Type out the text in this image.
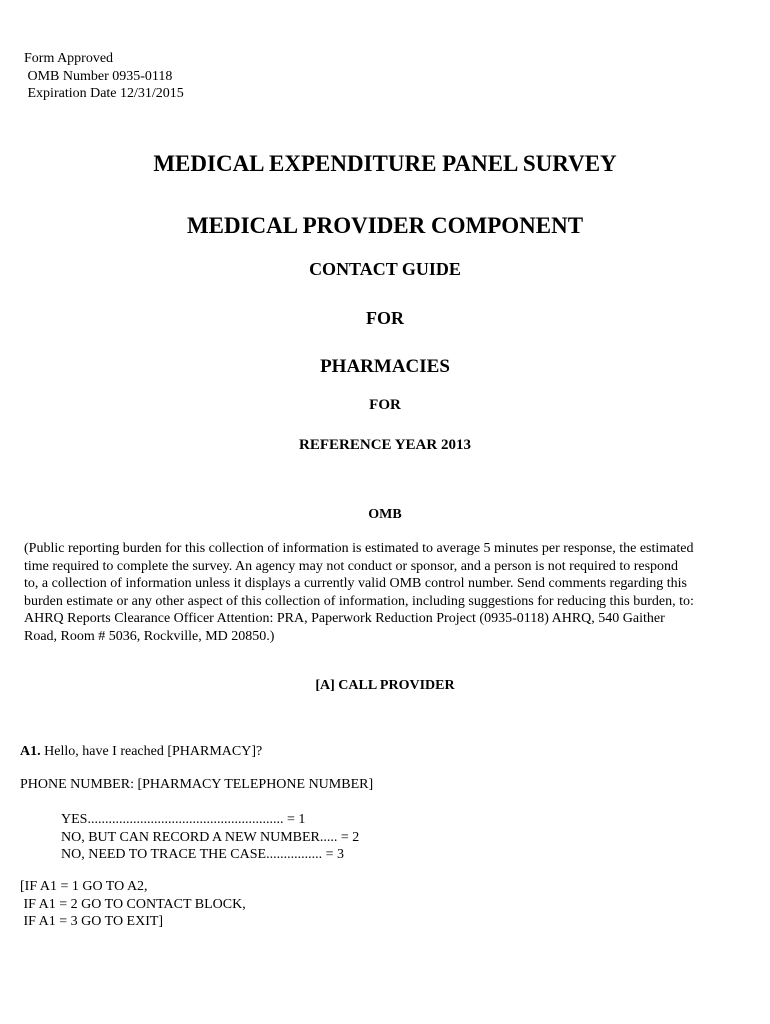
Form Approved
OMB Number 0935-0118
Expiration Date 12/31/2015
MEDICAL EXPENDITURE PANEL SURVEY
MEDICAL PROVIDER COMPONENT
CONTACT GUIDE
FOR
PHARMACIES
FOR
REFERENCE YEAR 2013
OMB
(Public reporting burden for this collection of information is estimated to average 5 minutes per response, the estimated
time required to complete the survey. An agency may not conduct or sponsor, and a person is not required to respond
to, a collection of information unless it displays a currently valid OMB control number. Send comments regarding this
burden estimate or any other aspect of this collection of information, including suggestions for reducing this burden, to:
AHRQ Reports Clearance Officer Attention: PRA, Paperwork Reduction Project (0935-0118) AHRQ, 540 Gaither
Road, Room # 5036, Rockville, MD 20850.)
[A] CALL PROVIDER
A1. Hello, have I reached [PHARMACY]?
PHONE NUMBER: [PHARMACY TELEPHONE NUMBER]
YES........................................................ = 1
NO, BUT CAN RECORD A NEW NUMBER..... = 2
NO, NEED TO TRACE THE CASE................ = 3
[IF A1 = 1 GO TO A2,
IF A1 = 2 GO TO CONTACT BLOCK,
IF A1 = 3 GO TO EXIT]
